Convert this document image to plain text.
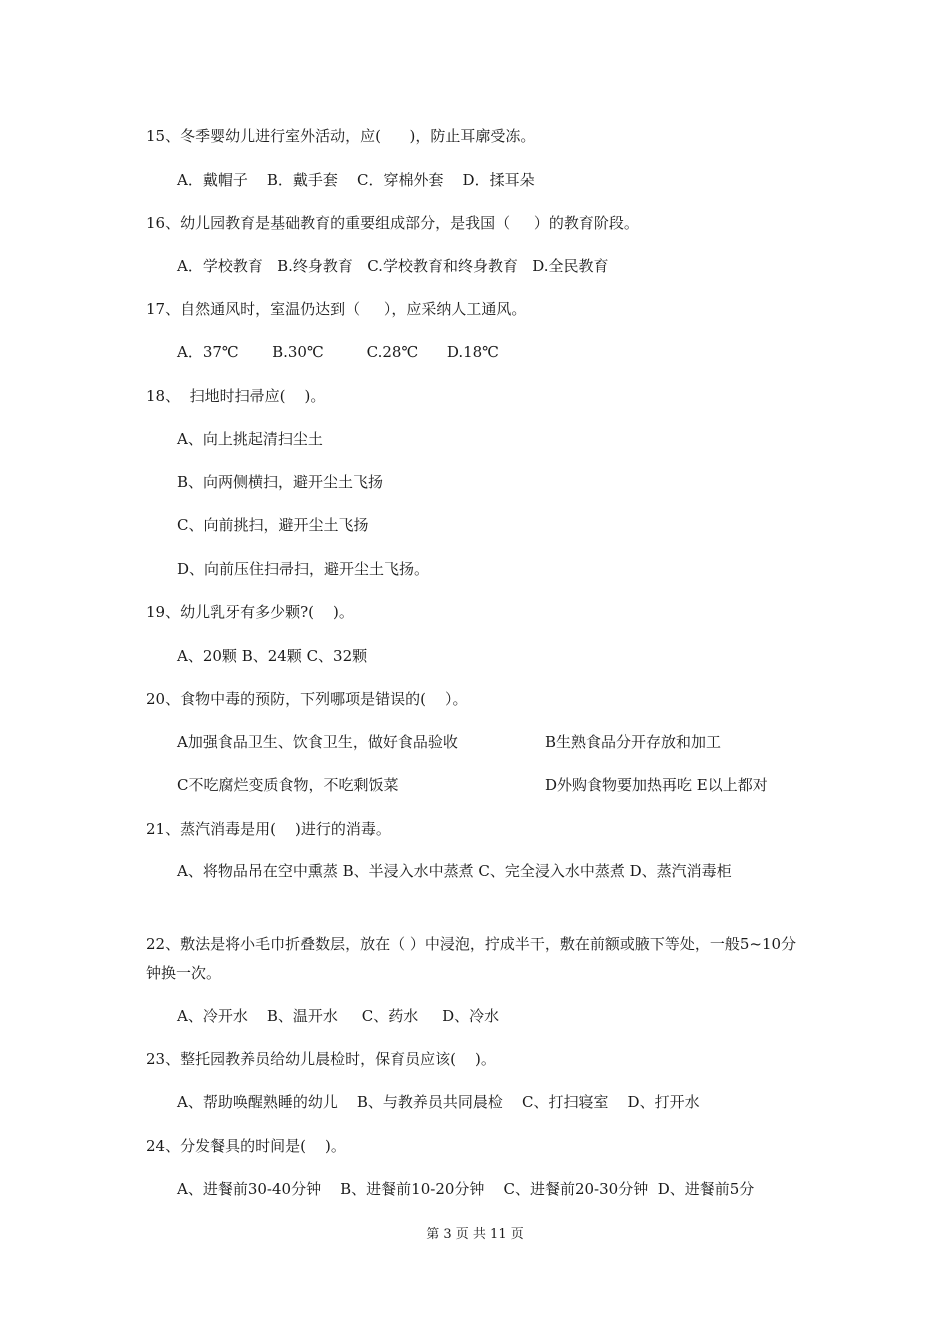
15、冬季婴幼儿进行室外活动，应(      )，防止耳廓受冻。
A．戴帽子    B．戴手套    C．穿棉外套    D．揉耳朵
16、幼儿园教育是基础教育的重要组成部分，是我国（     ）的教育阶段。
A．学校教育   B.终身教育   C.学校教育和终身教育   D.全民教育
17、自然通风时，室温仍达到（     ），应采纳人工通风。
A．37℃       B.30℃         C.28℃      D.18℃
18、  扫地时扫帚应(    )。
A、向上挑起清扫尘土
B、向两侧横扫，避开尘土飞扬
C、向前挑扫，避开尘土飞扬
D、向前压住扫帚扫，避开尘土飞扬。
19、幼儿乳牙有多少颗?(    )。
A、20颗 B、24颗 C、32颗
20、食物中毒的预防，下列哪项是错误的(    ）。
A加强食品卫生、饮食卫生，做好食品验收	B生熟食品分开存放和加工
C不吃腐烂变质食物，不吃剩饭菜	D外购食物要加热再吃 E以上都对
21、蒸汽消毒是用(    )进行的消毒。
A、将物品吊在空中熏蒸 B、半浸入水中蒸煮 C、完全浸入水中蒸煮 D、蒸汽消毒柜
22、敷法是将小毛巾折叠数层，放在（ ）中浸泡，拧成半干，敷在前额或腋下等处，一般5~10分钟换一次。
A、冷开水    B、温开水     C、药水     D、冷水
23、整托园教养员给幼儿晨检时，保育员应该(    )。
A、帮助唤醒熟睡的幼儿    B、与教养员共同晨检    C、打扫寝室    D、打开水
24、分发餐具的时间是(    )。
A、进餐前30-40分钟    B、进餐前10-20分钟    C、进餐前20-30分钟  D、进餐前5分
第 3 页 共 11 页
